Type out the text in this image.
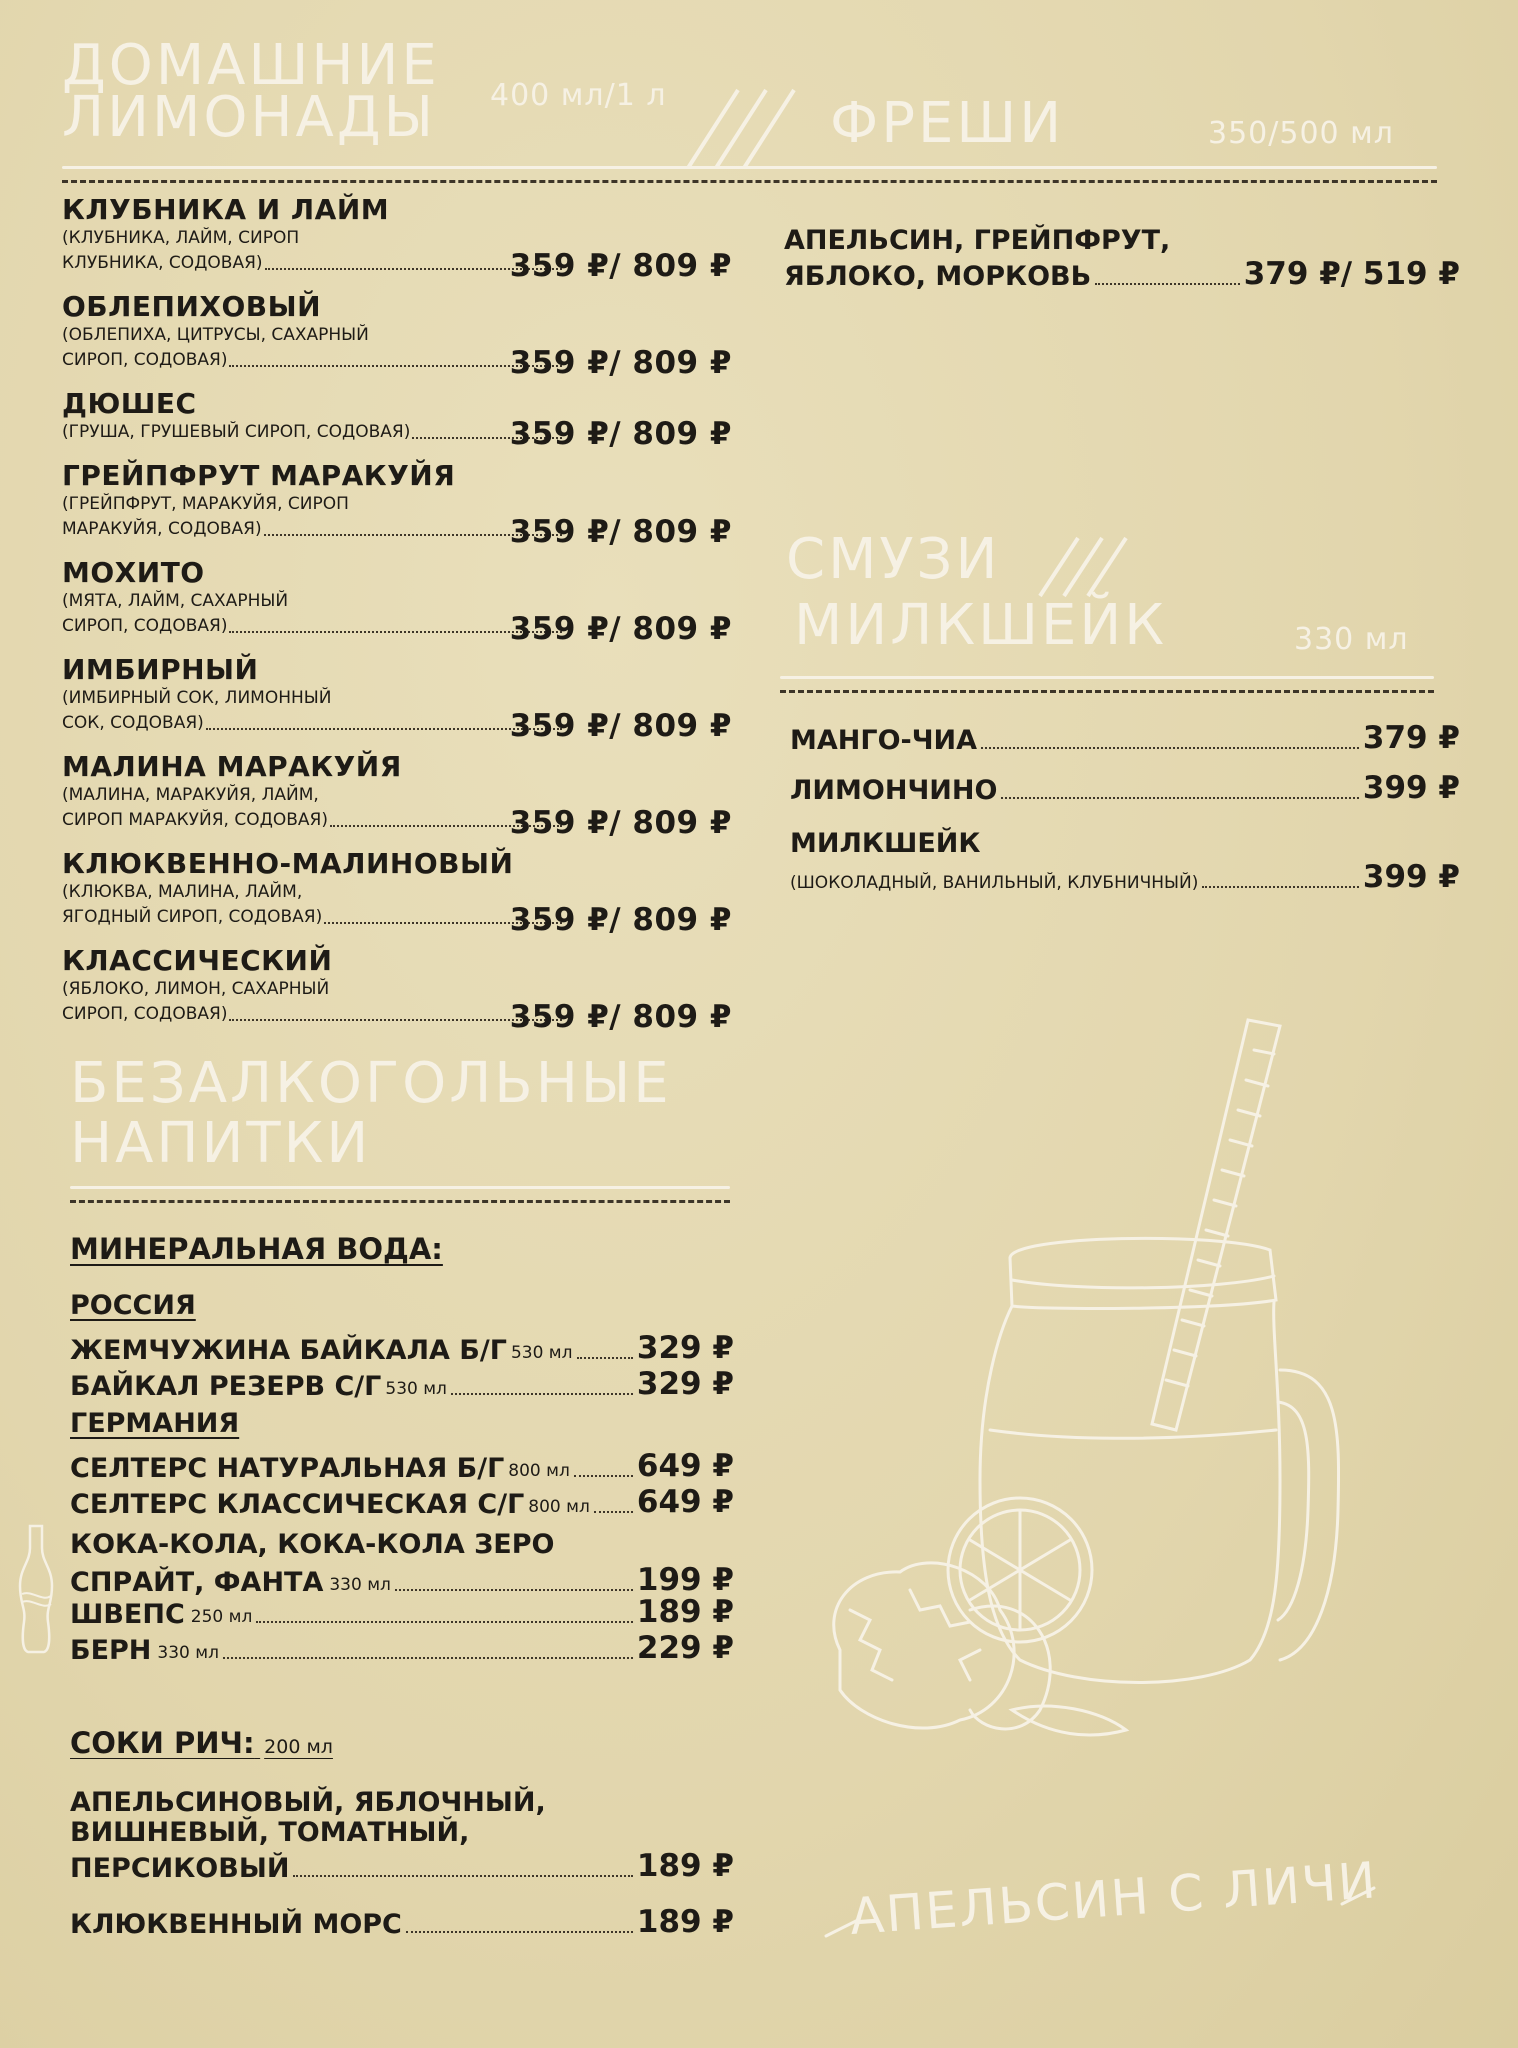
ДОМАШНИЕ
ЛИМОНАДЫ 400 мл/1 л	ФРЕШИ	350/500 мл
КЛУБНИКА И ЛАЙМ
(КЛУБНИКА, ЛАЙМ, СИРОП
КЛУБНИКА, СОДОВАЯ)	359 ₽/ 809 ₽
ОБЛЕПИХОВЫЙ
(ОБЛЕПИХА, ЦИТРУСЫ, САХАРНЫЙ
СИРОП, СОДОВАЯ)	359 ₽/ 809 ₽
ДЮШЕС
(ГРУША, ГРУШЕВЫЙ СИРОП, СОДОВАЯ)	359 ₽/ 809 ₽
ГРЕЙПФРУТ МАРАКУЙЯ
(ГРЕЙПФРУТ, МАРАКУЙЯ, СИРОП
МАРАКУЙЯ, СОДОВАЯ)	359 ₽/ 809 ₽
МОХИТО
(МЯТА, ЛАЙМ, САХАРНЫЙ
СИРОП, СОДОВАЯ)	359 ₽/ 809 ₽
ИМБИРНЫЙ
(ИМБИРНЫЙ СОК, ЛИМОННЫЙ
СОК, СОДОВАЯ)	359 ₽/ 809 ₽
МАЛИНА МАРАКУЙЯ
(МАЛИНА, МАРАКУЙЯ, ЛАЙМ,
СИРОП МАРАКУЙЯ, СОДОВАЯ)	359 ₽/ 809 ₽
КЛЮКВЕННО-МАЛИНОВЫЙ
(КЛЮКВА, МАЛИНА, ЛАЙМ,
ЯГОДНЫЙ СИРОП, СОДОВАЯ)	359 ₽/ 809 ₽
КЛАССИЧЕСКИЙ
(ЯБЛОКО, ЛИМОН, САХАРНЫЙ
СИРОП, СОДОВАЯ)	359 ₽/ 809 ₽
АПЕЛЬСИН, ГРЕЙПФРУТ,
ЯБЛОКО, МОРКОВЬ	379 ₽/ 519 ₽
СМУЗИ
МИЛКШЕЙК	330 мл
МАНГО-ЧИА	379 ₽
ЛИМОНЧИНО	399 ₽
МИЛКШЕЙК
(ШОКОЛАДНЫЙ, ВАНИЛЬНЫЙ, КЛУБНИЧНЫЙ)	399 ₽
БЕЗАЛКОГОЛЬНЫЕ
НАПИТКИ
МИНЕРАЛЬНАЯ ВОДА:
РОССИЯ
ЖЕМЧУЖИНА БАЙКАЛА Б/Г 530 мл 329 ₽
БАЙКАЛ РЕЗЕРВ С/Г 530 мл	329 ₽
ГЕРМАНИЯ
СЕЛТЕРС НАТУРАЛЬНАЯ Б/Г 800 мл 649 ₽
СЕЛТЕРС КЛАССИЧЕСКАЯ С/Г 800 мл 649 ₽
КОКА-КОЛА, КОКА-КОЛА ЗЕРО
СПРАЙТ, ФАНТА 330 мл	199 ₽
ШВЕПС 250 мл	189 ₽
БЕРН 330 мл	229 ₽
СОКИ РИЧ: 200 мл
АПЕЛЬСИНОВЫЙ, ЯБЛОЧНЫЙ,
ВИШНЕВЫЙ, ТОМАТНЫЙ,
ПЕРСИКОВЫЙ	189 ₽
КЛЮКВЕННЫЙ МОРС	189 ₽ АПЕЛЬСИН С ЛИЧИ
